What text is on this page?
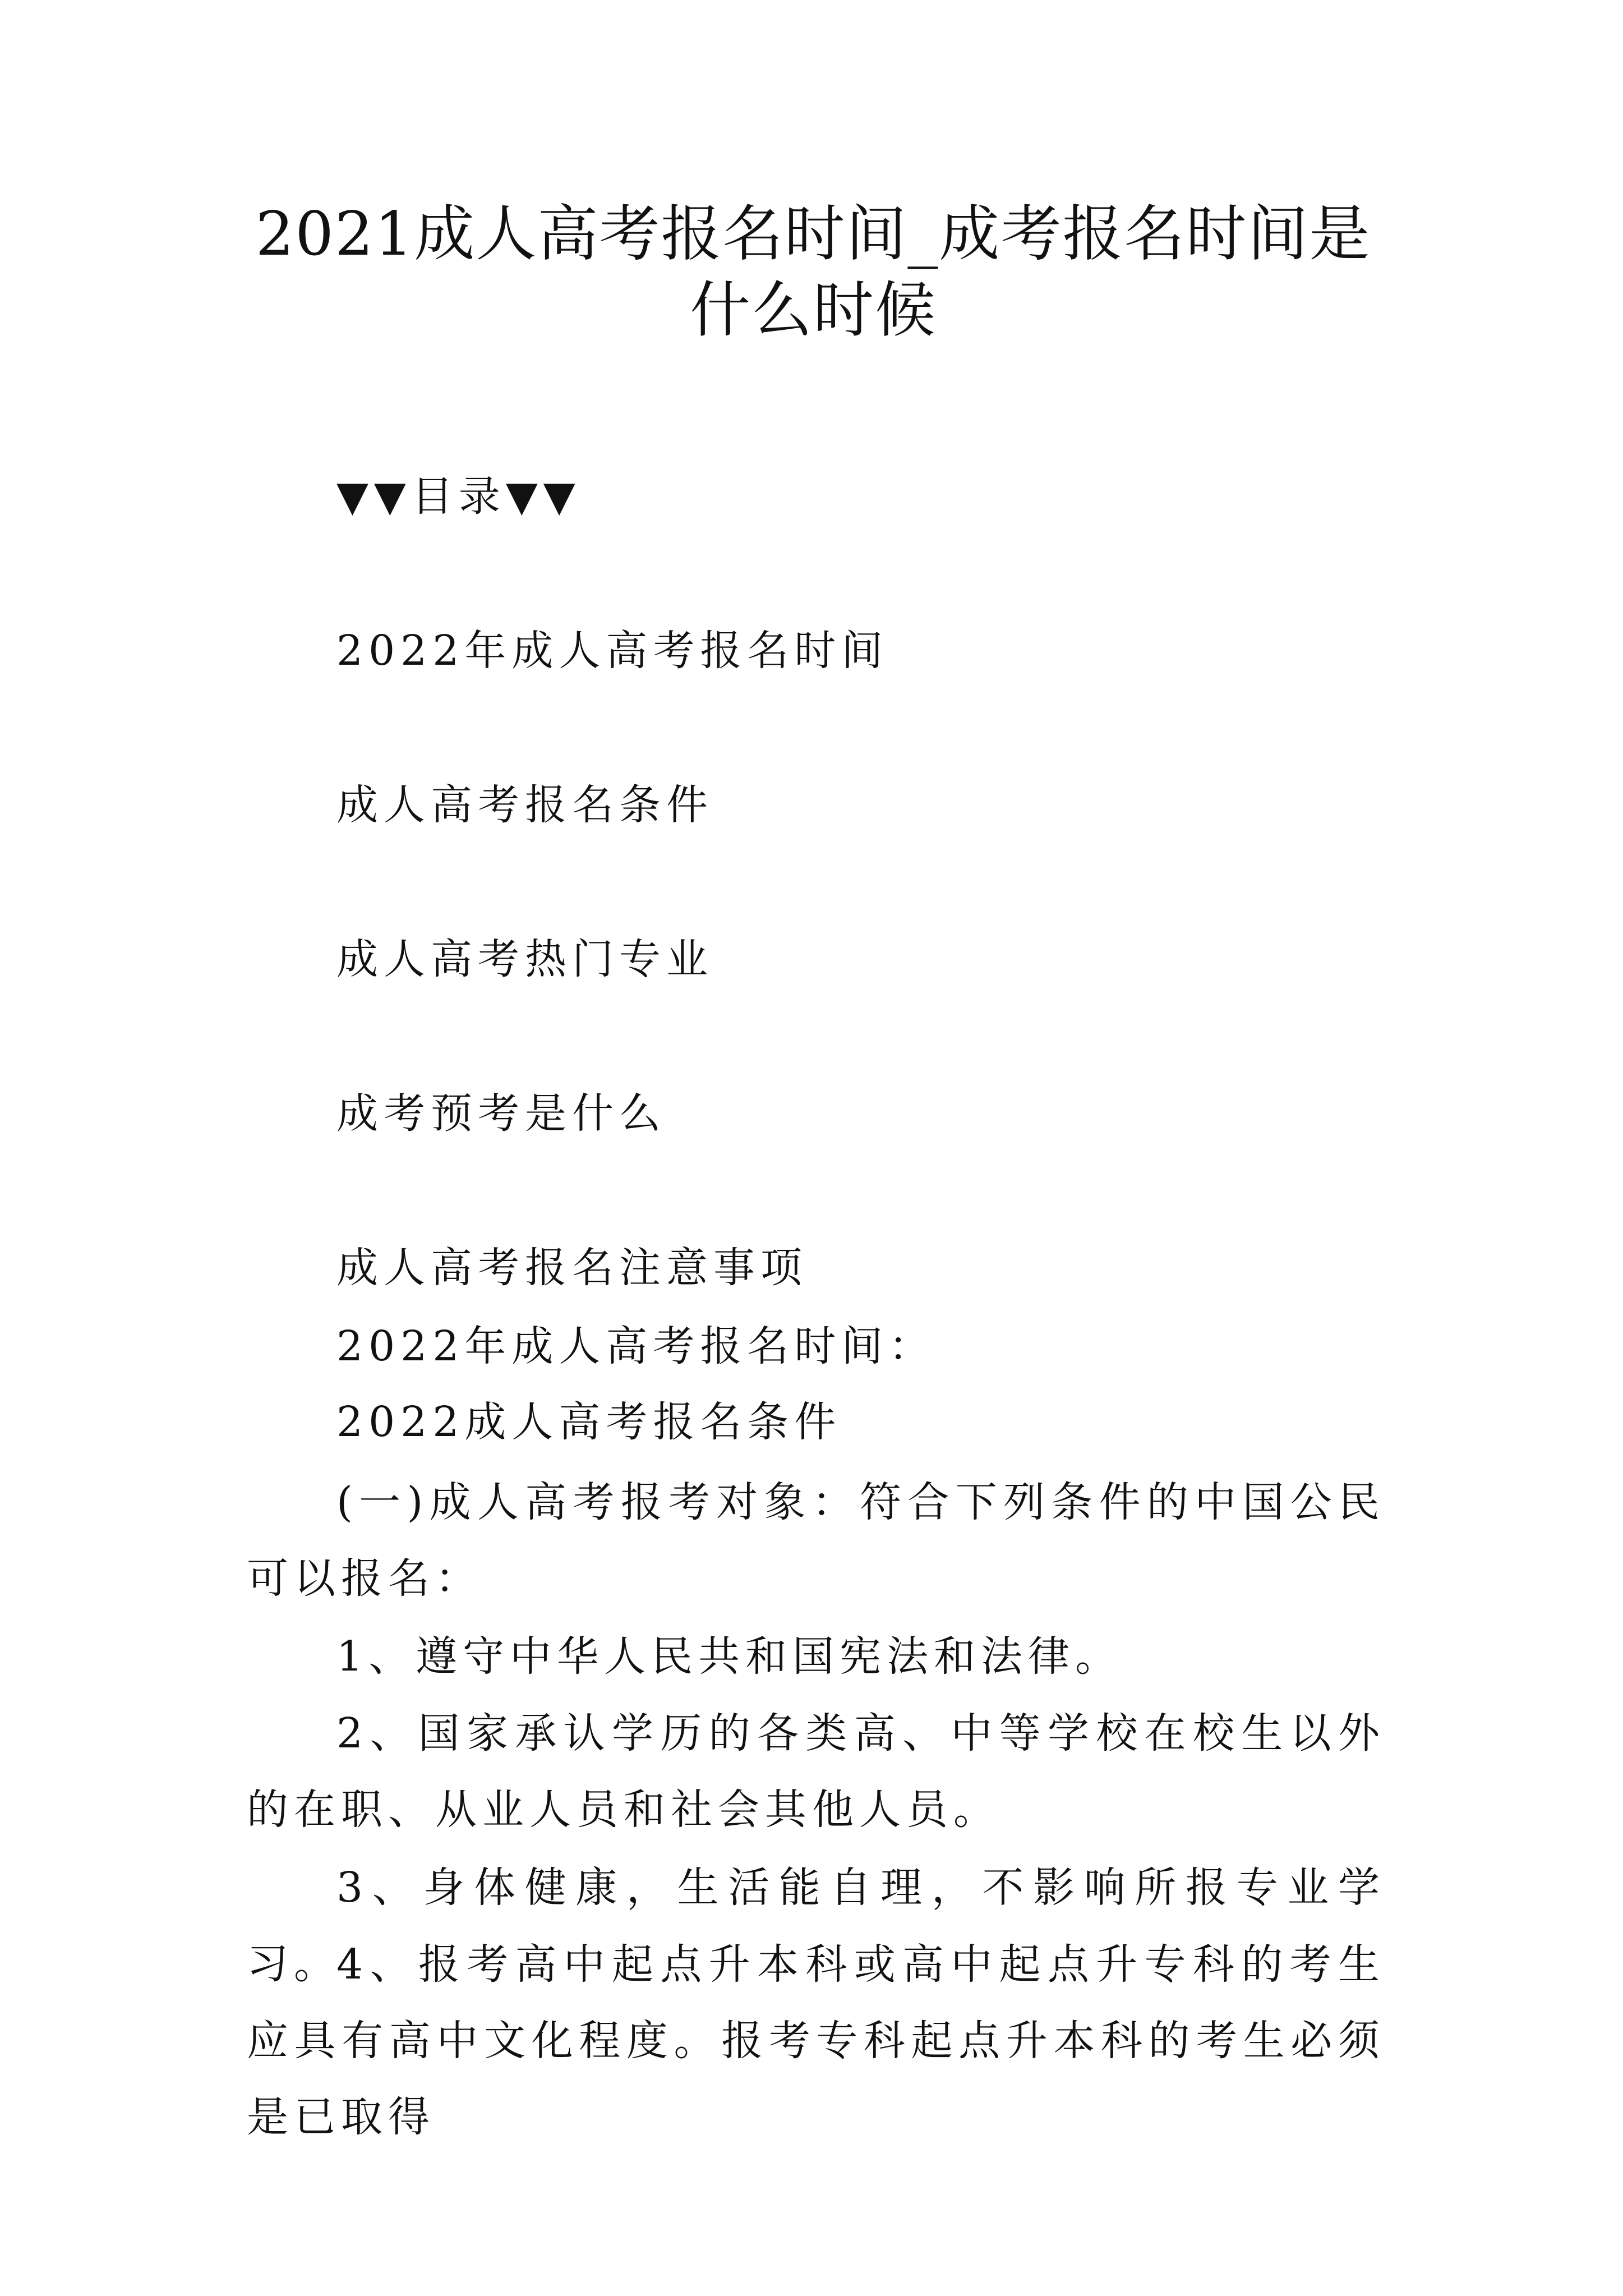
2021成人高考报名时间_成考报名时间是什么时候
▼▼目录▼▼
2022年成人高考报名时间
成人高考报名条件
成人高考热门专业
成考预考是什么
成人高考报名注意事项
2022年成人高考报名时间：
2022成人高考报名条件

(一)成人高考报考对象：符合下列条件的中国公民可以报名：

1、遵守中华人民共和国宪法和法律。

2、国家承认学历的各类高、中等学校在校生以外的在职、从业人员和社会其他人员。

3、身体健康，生活能自理，不影响所报专业学习。

4、报考高中起点升本科或高中起点升专科的考生应具有高中文化程度。报考专科起点升本科的考生必须是已取得
